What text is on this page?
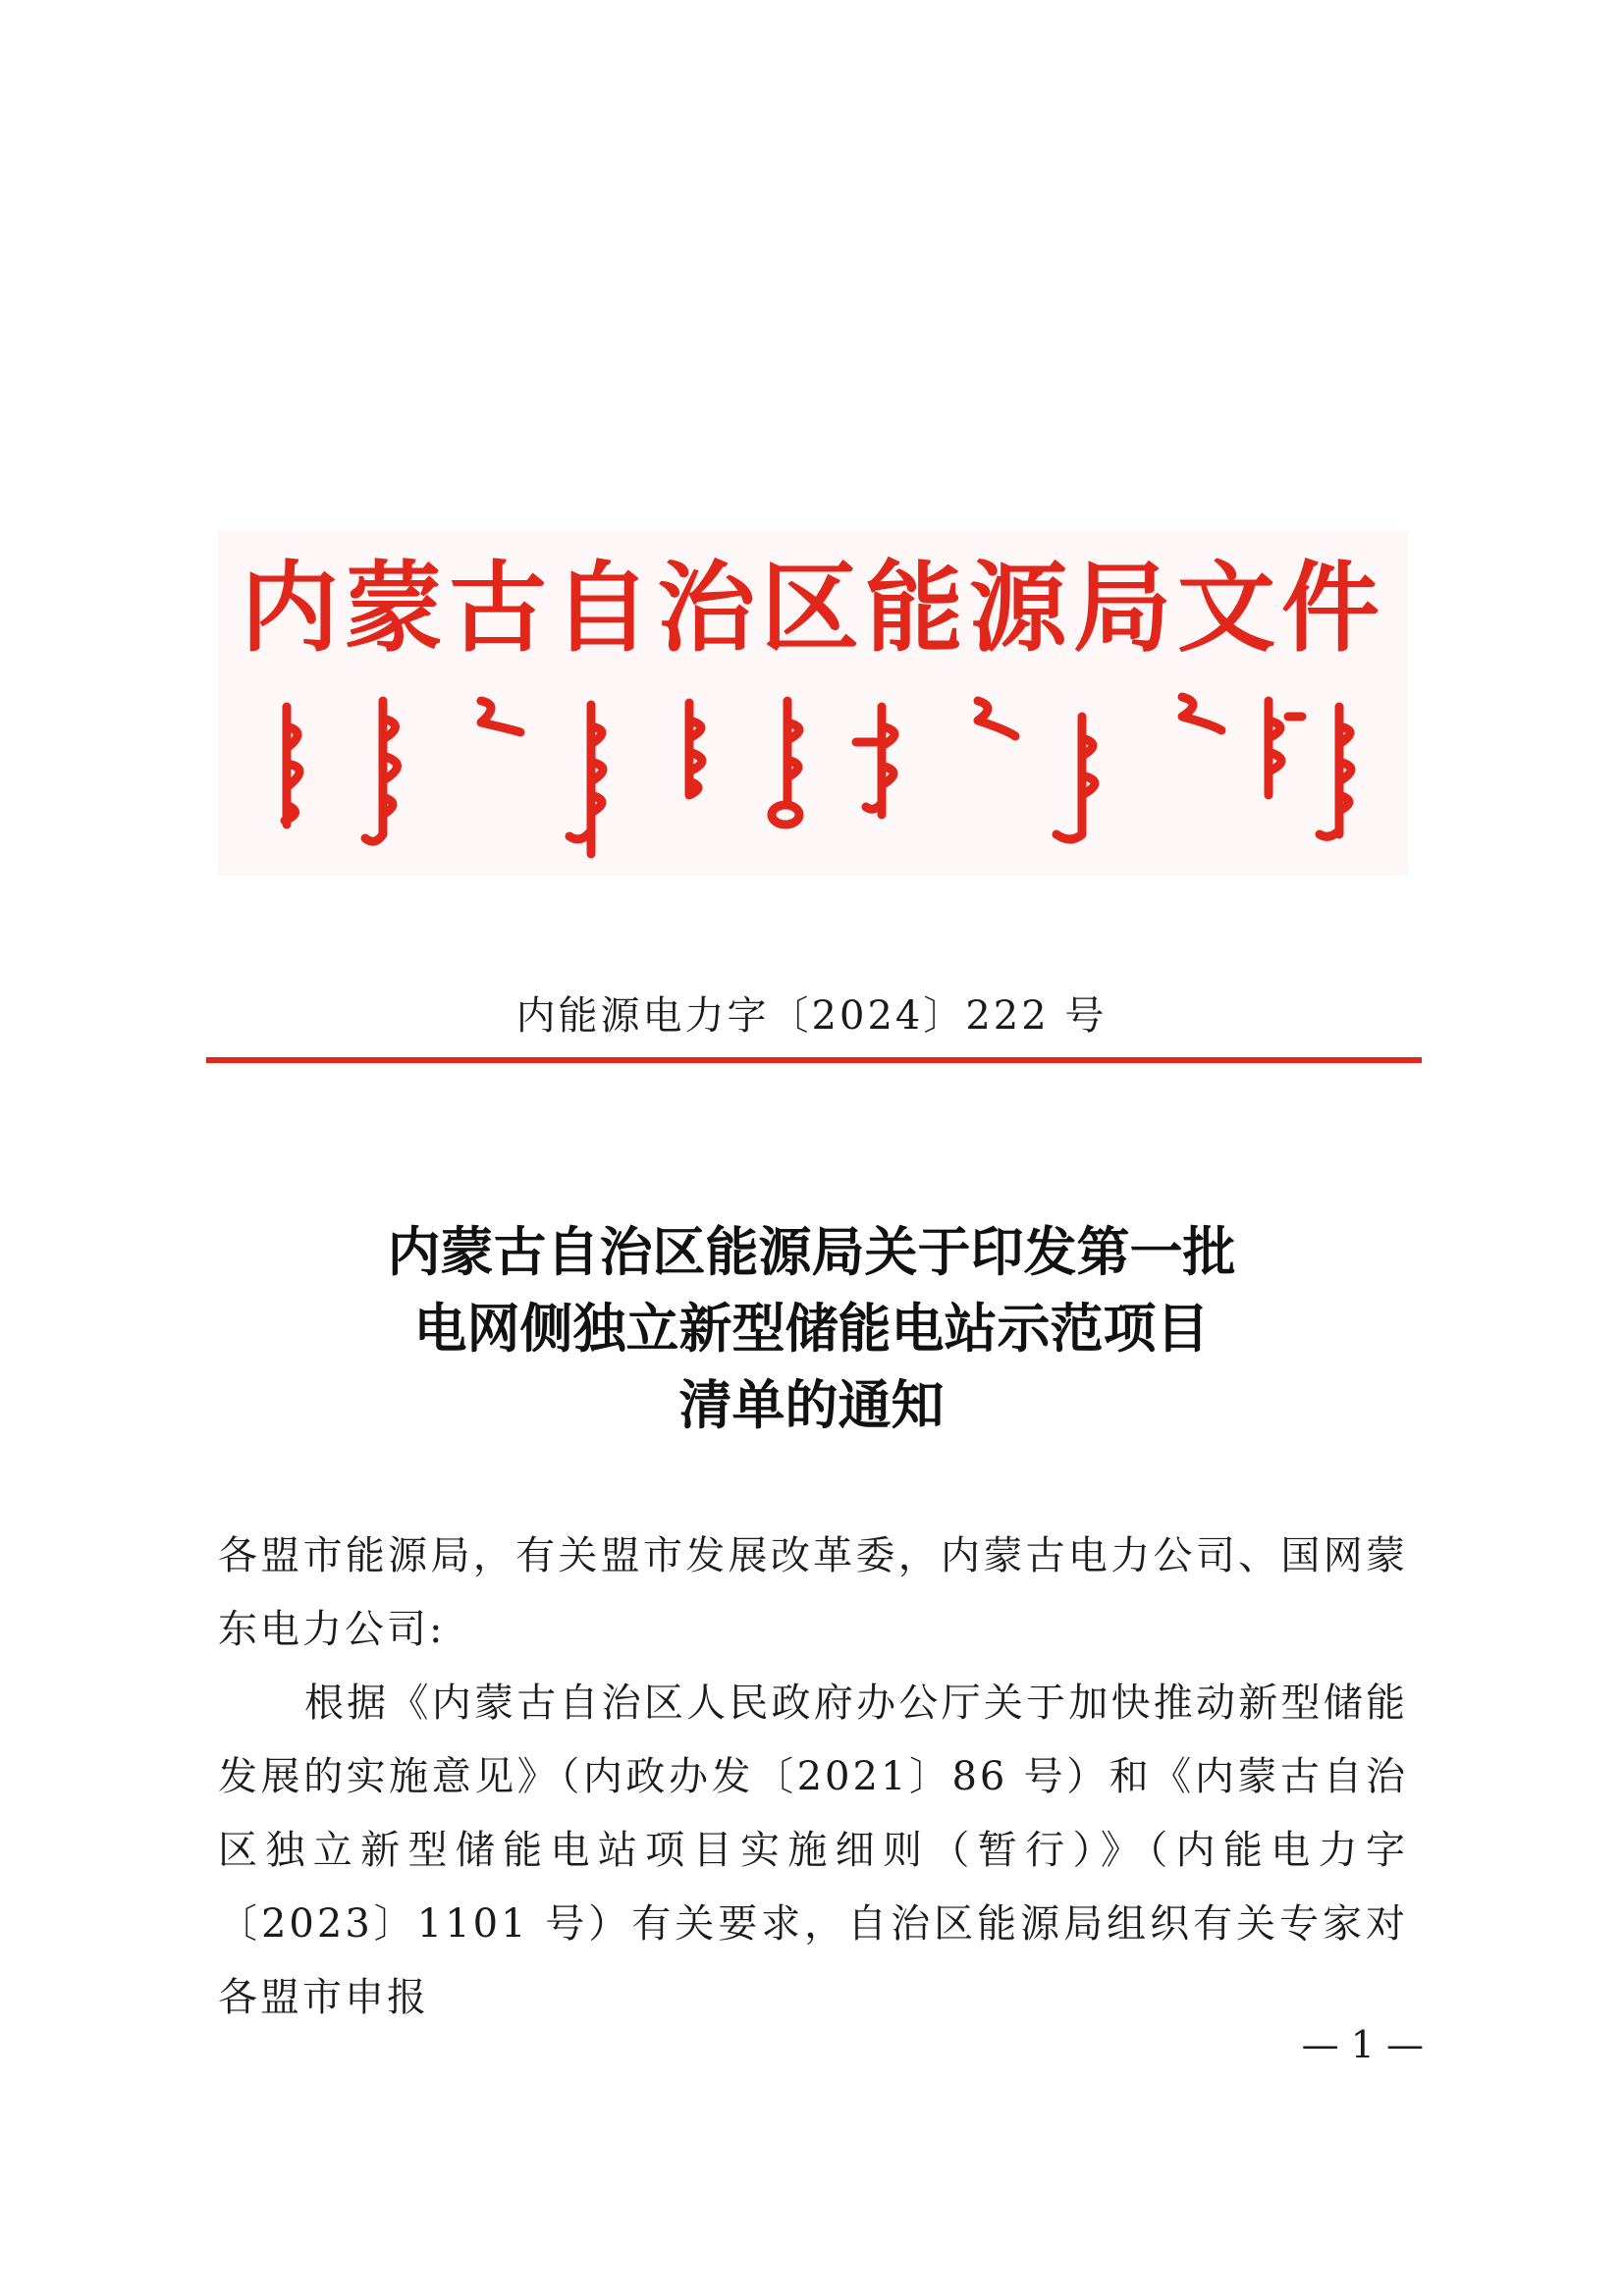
内蒙古自治区能源局文件
内能源电力字〔2024〕222 号
内蒙古自治区能源局关于印发第一批
电网侧独立新型储能电站示范项目
清单的通知

各盟市能源局，有关盟市发展改革委，内蒙古电力公司、国网蒙东电力公司:

根据《内蒙古自治区人民政府办公厅关于加快推动新型储能发展的实施意见》（内政办发〔2021〕86 号）和《内蒙古自治区独立新型储能电站项目实施细则（暂行）》（内能电力字〔2023〕1101 号）有关要求，自治区能源局组织有关专家对各盟市申报

— 1 —
